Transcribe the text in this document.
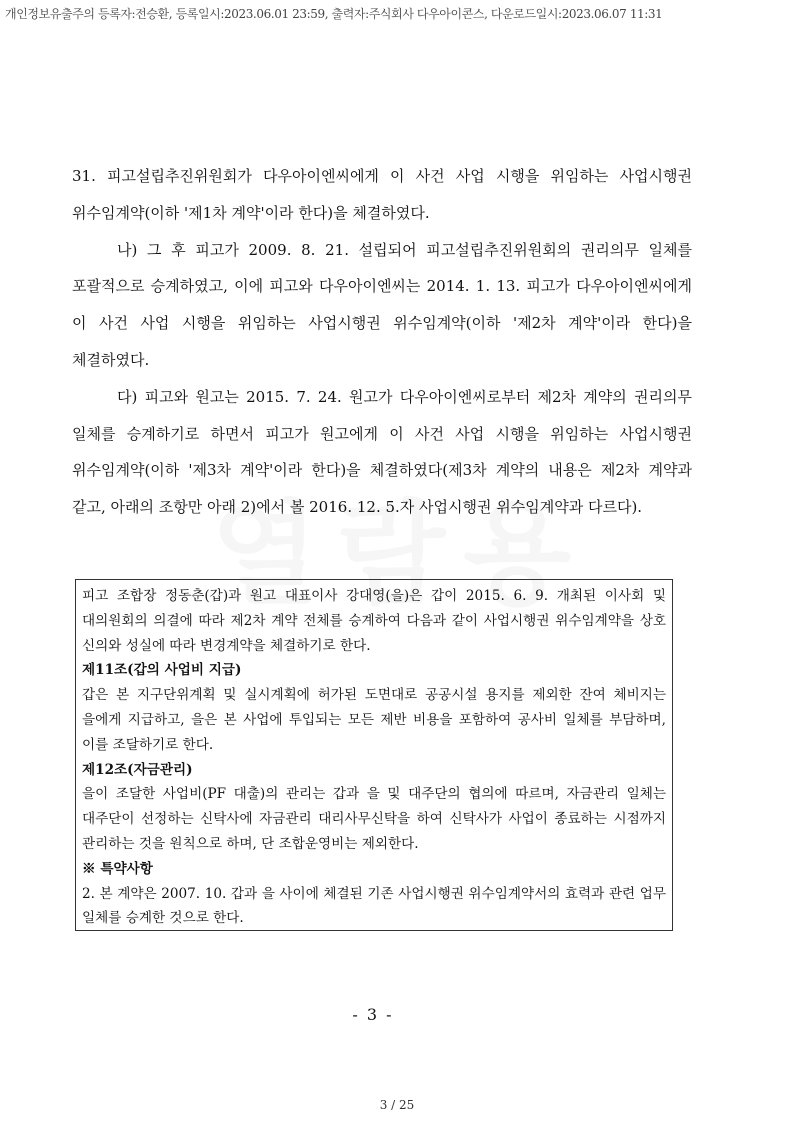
개인정보유출주의 등록자:전승환, 등록일시:2023.06.01 23:59, 출력자:주식회사 다우아이콘스, 다운로드일시:2023.06.07 11:31

31. 피고설립추진위원회가 다우아이엔씨에게 이 사건 사업 시행을 위임하는 사업시행권 위수임계약(이하 '제1차 계약'이라 한다)을 체결하였다.

나) 그 후 피고가 2009. 8. 21. 설립되어 피고설립추진위원회의 권리의무 일체를 포괄적으로 승계하였고, 이에 피고와 다우아이엔씨는 2014. 1. 13. 피고가 다우아이엔씨에게 이 사건 사업 시행을 위임하는 사업시행권 위수임계약(이하 '제2차 계약'이라 한다)을 체결하였다.

다) 피고와 원고는 2015. 7. 24. 원고가 다우아이엔씨로부터 제2차 계약의 권리의무 일체를 승계하기로 하면서 피고가 원고에게 이 사건 사업 시행을 위임하는 사업시행권 위수임계약(이하 '제3차 계약'이라 한다)을 체결하였다(제3차 계약의 내용은 제2차 계약과 같고, 아래의 조항만 아래 2)에서 볼 2016. 12. 5.자 사업시행권 위수임계약과 다르다).

피고 조합장 정동춘(갑)과 원고 대표이사 강대영(을)은 갑이 2015. 6. 9. 개최된 이사회 및 대의원회의 의결에 따라 제2차 계약 전체를 승계하여 다음과 같이 사업시행권 위수임계약을 상호 신의와 성실에 따라 변경계약을 체결하기로 한다.

제11조(갑의 사업비 지급)

갑은 본 지구단위계획 및 실시계획에 허가된 도면대로 공공시설 용지를 제외한 잔여 체비지는 을에게 지급하고, 을은 본 사업에 투입되는 모든 제반 비용을 포함하여 공사비 일체를 부담하며, 이를 조달하기로 한다.

제12조(자금관리)

을이 조달한 사업비(PF 대출)의 관리는 갑과 을 및 대주단의 협의에 따르며, 자금관리 일체는 대주단이 선정하는 신탁사에 자금관리 대리사무신탁을 하여 신탁사가 사업이 종료하는 시점까지 관리하는 것을 원칙으로 하며, 단 조합운영비는 제외한다.

※ 특약사항

2. 본 계약은 2007. 10. 갑과 을 사이에 체결된 기존 사업시행권 위수임계약서의 효력과 관련 업무 일체를 승계한 것으로 한다.

- 3 -
3 / 25
